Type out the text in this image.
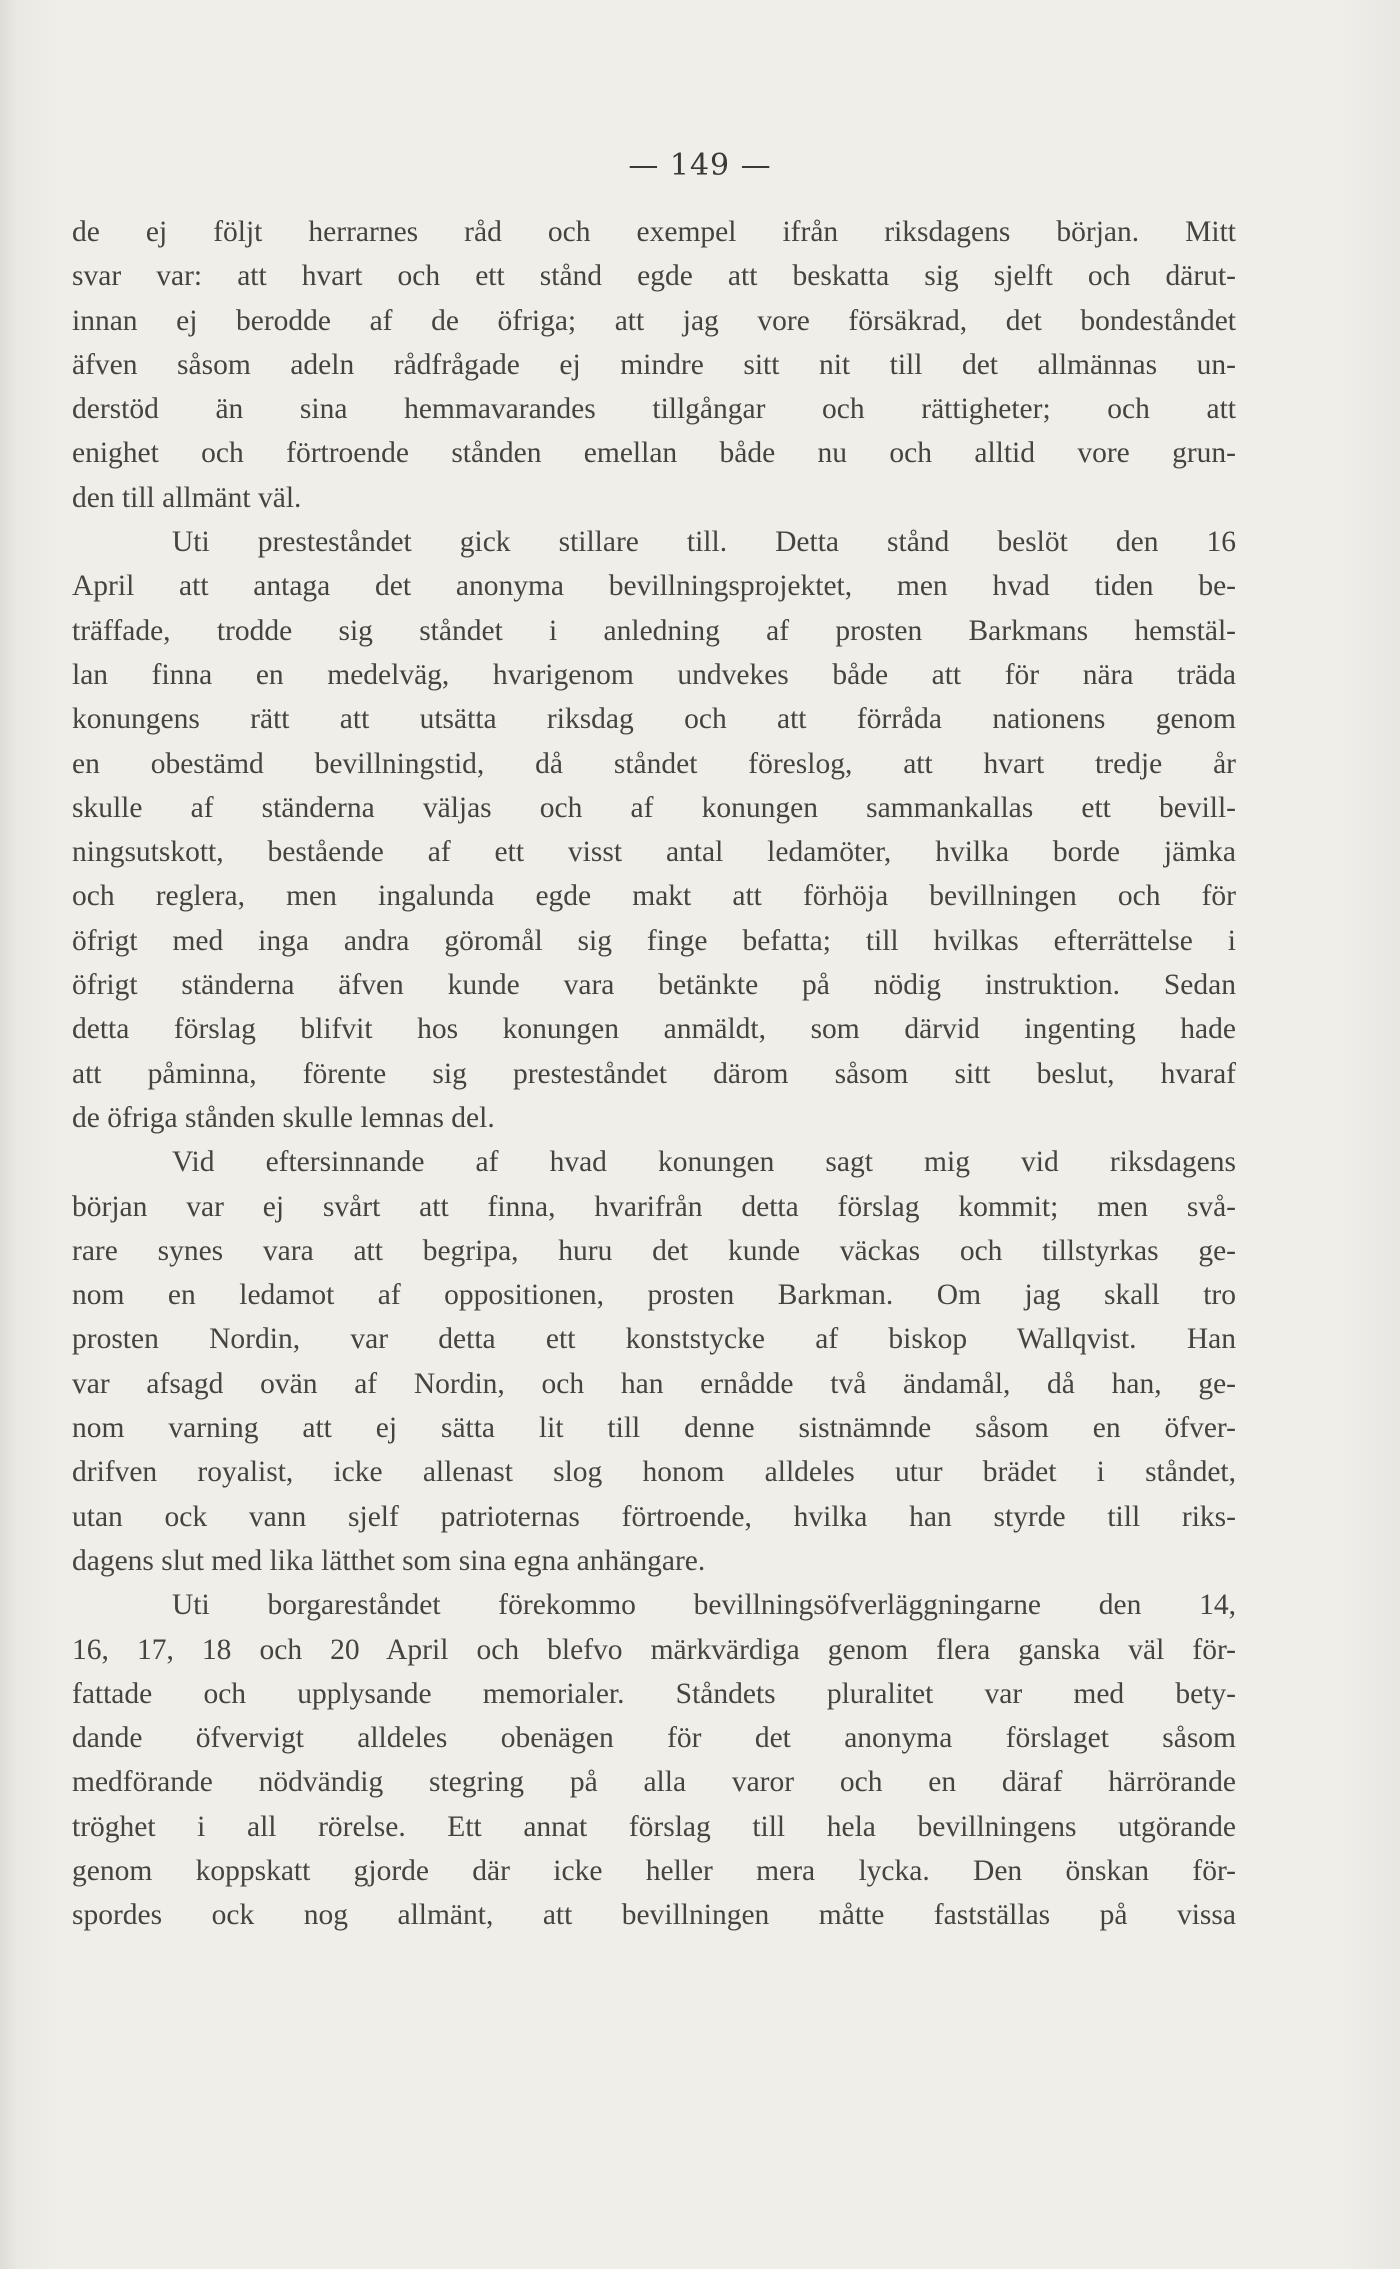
— 149 —
de ej följt herrarnes råd och exempel ifrån riksdagens början. Mitt
svar var: att hvart och ett stånd egde att beskatta sig sjelft och därut-
innan ej berodde af de öfriga; att jag vore försäkrad, det bondeståndet
äfven såsom adeln rådfrågade ej mindre sitt nit till det allmännas un-
derstöd än sina hemmavarandes tillgångar och rättigheter; och att
enighet och förtroende stånden emellan både nu och alltid vore grun-
den till allmänt väl.
Uti presteståndet gick stillare till. Detta stånd beslöt den 16
April att antaga det anonyma bevillningsprojektet, men hvad tiden be-
träffade, trodde sig ståndet i anledning af prosten Barkmans hemstäl-
lan finna en medelväg, hvarigenom undvekes både att för nära träda
konungens rätt att utsätta riksdag och att förråda nationens genom
en obestämd bevillningstid, då ståndet föreslog, att hvart tredje år
skulle af ständerna väljas och af konungen sammankallas ett bevill-
ningsutskott, bestående af ett visst antal ledamöter, hvilka borde jämka
och reglera, men ingalunda egde makt att förhöja bevillningen och för
öfrigt med inga andra göromål sig finge befatta; till hvilkas efterrättelse i
öfrigt ständerna äfven kunde vara betänkte på nödig instruktion. Sedan
detta förslag blifvit hos konungen anmäldt, som därvid ingenting hade
att påminna, förente sig presteståndet därom såsom sitt beslut, hvaraf
de öfriga stånden skulle lemnas del.
Vid eftersinnande af hvad konungen sagt mig vid riksdagens
början var ej svårt att finna, hvarifrån detta förslag kommit; men svå-
rare synes vara att begripa, huru det kunde väckas och tillstyrkas ge-
nom en ledamot af oppositionen, prosten Barkman. Om jag skall tro
prosten Nordin, var detta ett konststycke af biskop Wallqvist. Han
var afsagd ovän af Nordin, och han ernådde två ändamål, då han, ge-
nom varning att ej sätta lit till denne sistnämnde såsom en öfver-
drifven royalist, icke allenast slog honom alldeles utur brädet i ståndet,
utan ock vann sjelf patrioternas förtroende, hvilka han styrde till riks-
dagens slut med lika lätthet som sina egna anhängare.
Uti borgareståndet förekommo bevillningsöfverläggningarne den 14,
16, 17, 18 och 20 April och blefvo märkvärdiga genom flera ganska väl för-
fattade och upplysande memorialer. Ståndets pluralitet var med bety-
dande öfvervigt alldeles obenägen för det anonyma förslaget såsom
medförande nödvändig stegring på alla varor och en däraf härrörande
tröghet i all rörelse. Ett annat förslag till hela bevillningens utgörande
genom koppskatt gjorde där icke heller mera lycka. Den önskan för-
spordes ock nog allmänt, att bevillningen måtte fastställas på vissa
